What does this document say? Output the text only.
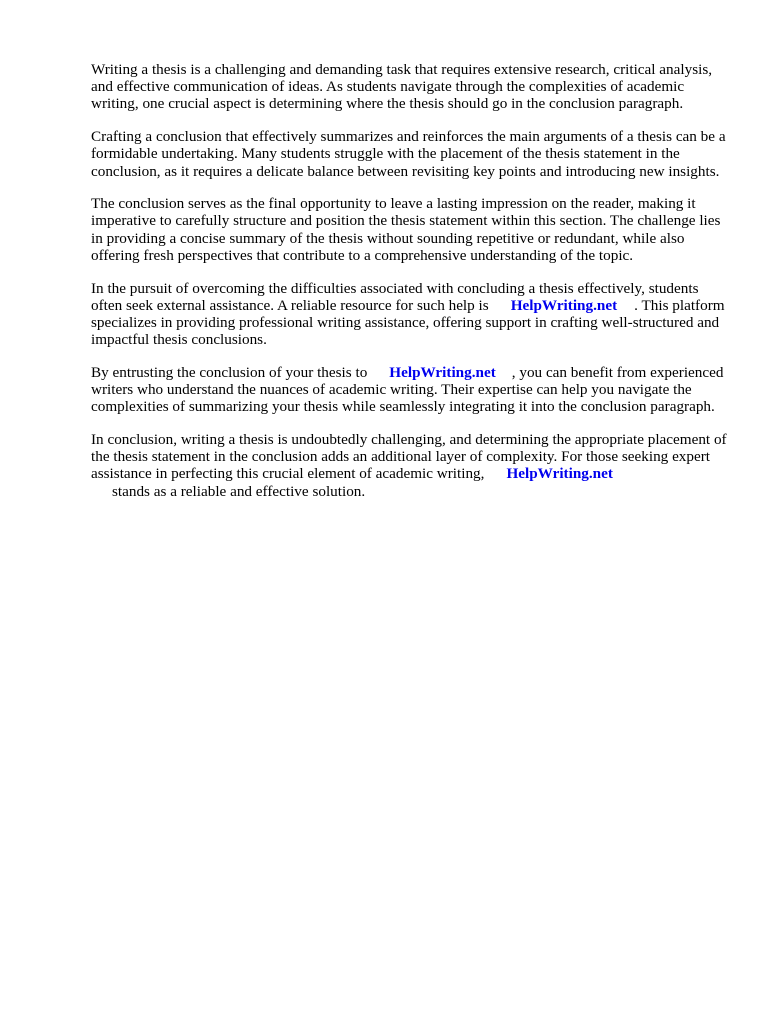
Writing a thesis is a challenging and demanding task that requires extensive research, critical analysis, and effective communication of ideas. As students navigate through the complexities of academic writing, one crucial aspect is determining where the thesis should go in the conclusion paragraph.

Crafting a conclusion that effectively summarizes and reinforces the main arguments of a thesis can be a formidable undertaking. Many students struggle with the placement of the thesis statement in the conclusion, as it requires a delicate balance between revisiting key points and introducing new insights.

The conclusion serves as the final opportunity to leave a lasting impression on the reader, making it imperative to carefully structure and position the thesis statement within this section. The challenge lies in providing a concise summary of the thesis without sounding repetitive or redundant, while also offering fresh perspectives that contribute to a comprehensive understanding of the topic.

In the pursuit of overcoming the difficulties associated with concluding a thesis effectively, students often seek external assistance. A reliable resource for such help is HelpWriting.net . This platform specializes in providing professional writing assistance, offering support in crafting well-structured and impactful thesis conclusions.

By entrusting the conclusion of your thesis to HelpWriting.net , you can benefit from experienced writers who understand the nuances of academic writing. Their expertise can help you navigate the complexities of summarizing your thesis while seamlessly integrating it into the conclusion paragraph.

In conclusion, writing a thesis is undoubtedly challenging, and determining the appropriate placement of the thesis statement in the conclusion adds an additional layer of complexity. For those seeking expert assistance in perfecting this crucial element of academic writing, HelpWriting.net
stands as a reliable and effective solution.
